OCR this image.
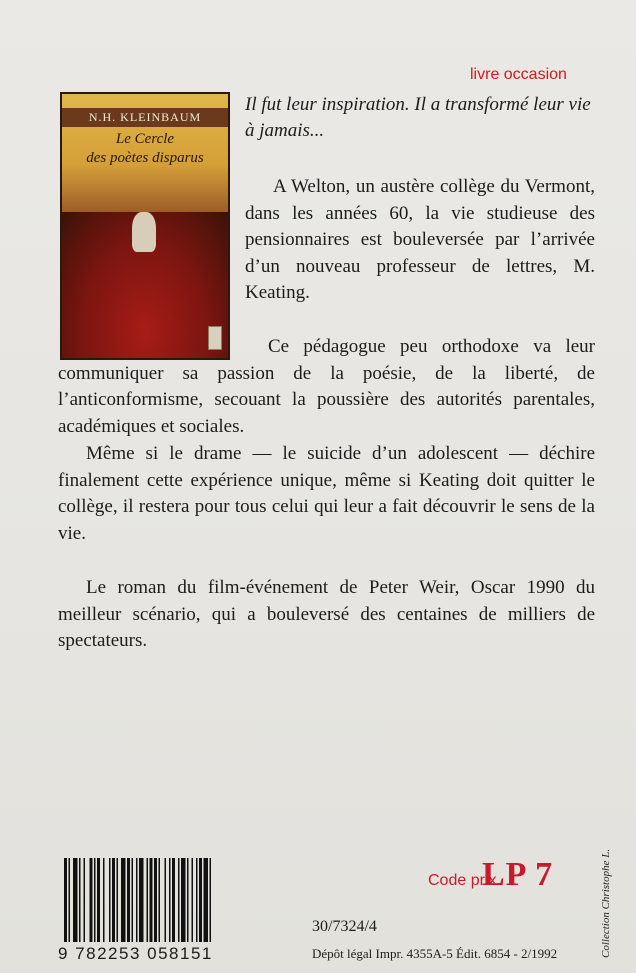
livre occasion
N.H. KLEINBAUM
Le Cercle
des poètes disparus
Il fut leur inspiration. Il a transformé leur vie à jamais...
A Welton, un austère collège du Vermont, dans les années 60, la vie studieuse des pensionnaires est bouleversée par l’arrivée d’un nouveau professeur de lettres, M. Keating.
Ce pédagogue peu orthodoxe va leur communiquer sa passion de la poésie, de la liberté, de l’anticonformisme, secouant la poussière des autorités parentales, académiques et sociales.
Même si le drame — le suicide d’un adolescent — déchire finalement cette expérience unique, même si Keating doit quitter le collège, il restera pour tous celui qui leur a fait découvrir le sens de la vie.
Le roman du film-événement de Peter Weir, Oscar 1990 du meilleur scénario, qui a bouleversé des centaines de milliers de spectateurs.
9 782253 058151
Code prix
LP 7
30/7324/4
Dépôt légal Impr. 4355A-5 Édit. 6854 - 2/1992	Collection Christophe L.
